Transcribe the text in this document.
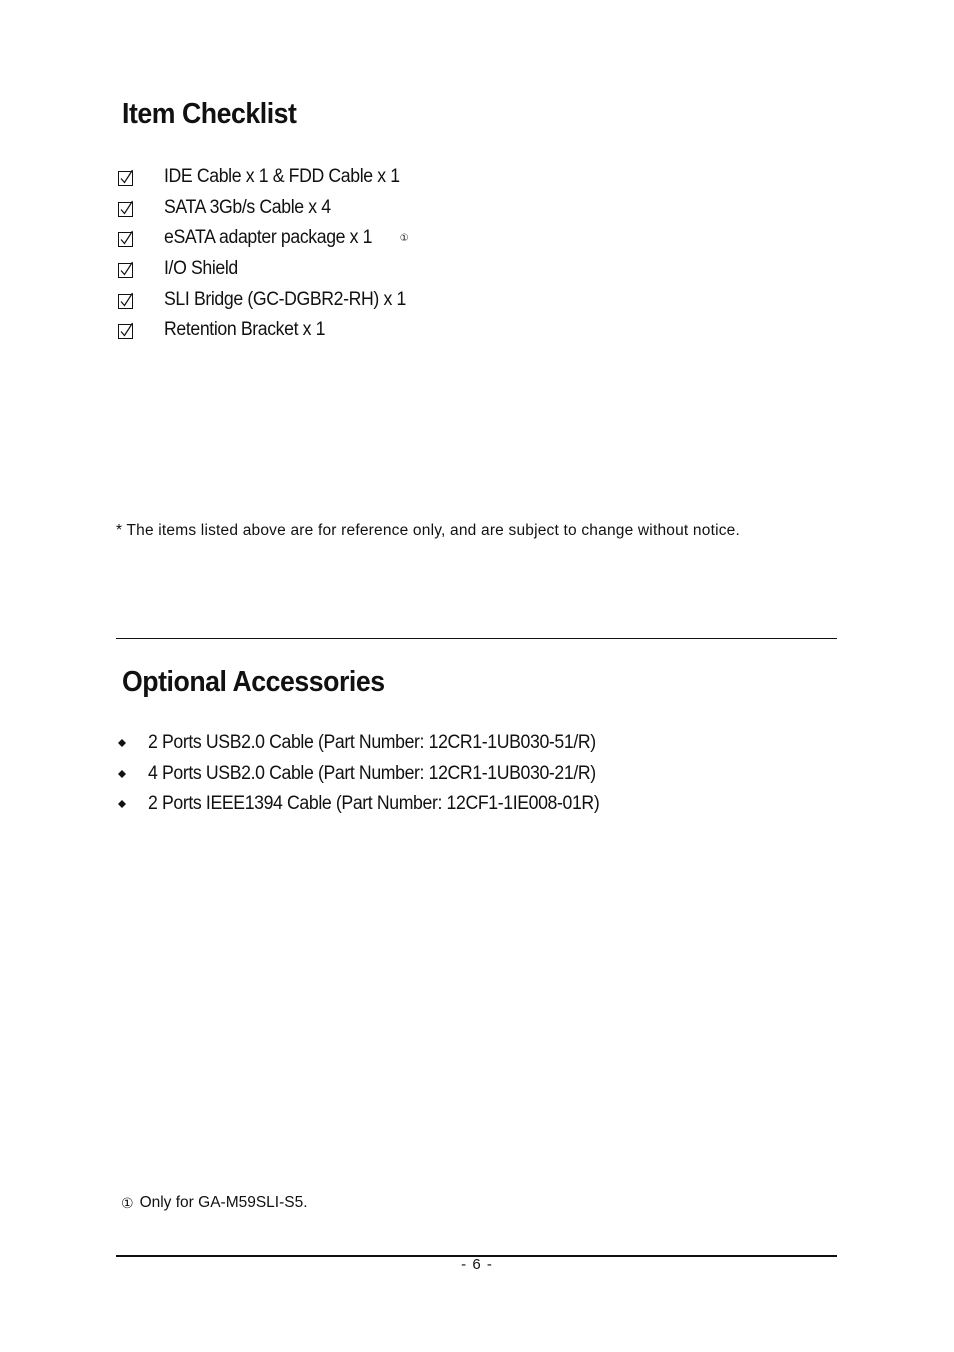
Item Checklist
IDE Cable x 1 & FDD Cable x 1
SATA 3Gb/s Cable x 4
eSATA adapter package x 1	①
I/O Shield
SLI Bridge (GC-DGBR2-RH) x 1
Retention Bracket x 1
* The items listed above are for reference only, and are subject to change without notice.
Optional Accessories
2 Ports USB2.0 Cable (Part Number: 12CR1-1UB030-51/R)
4 Ports USB2.0 Cable (Part Number: 12CR1-1UB030-21/R)
2 Ports IEEE1394 Cable (Part Number: 12CF1-1IE008-01R)
① Only for GA-M59SLI-S5.
- 6 -
